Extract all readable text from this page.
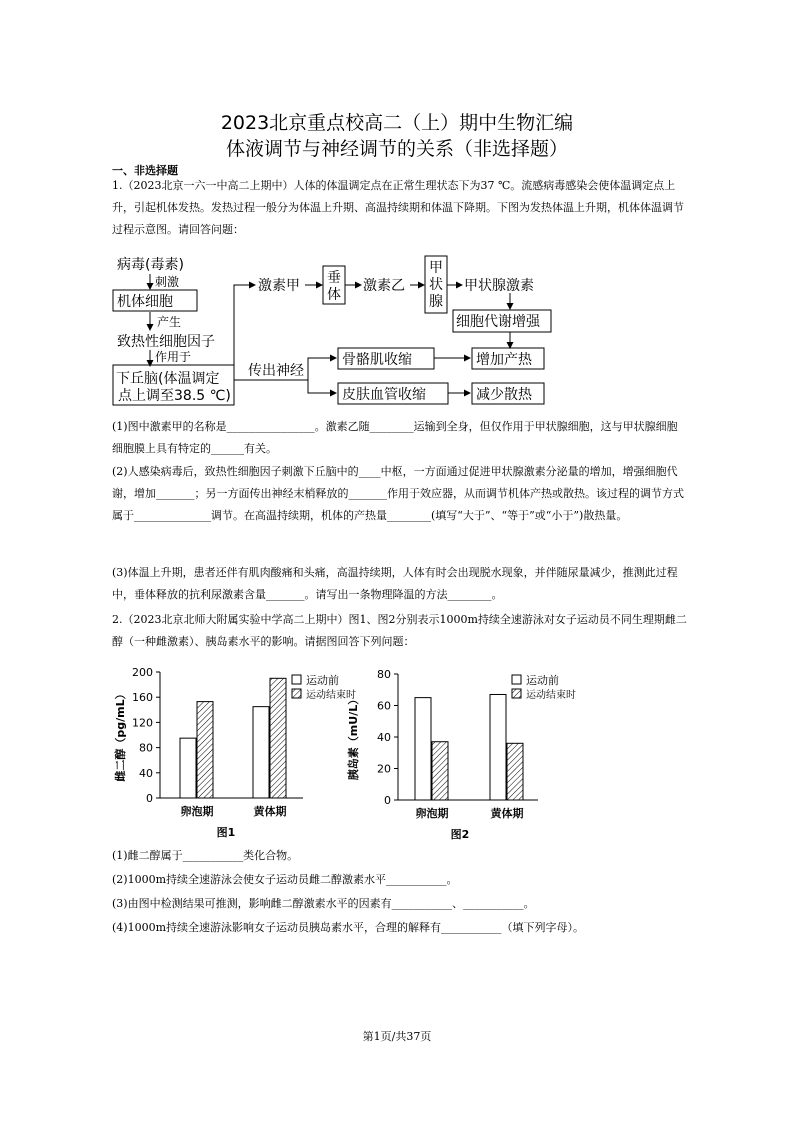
2023北京重点校高二（上）期中生物汇编
体液调节与神经调节的关系（非选择题）
一、非选择题

1.（2023北京一六一中高二上期中）人体的体温调定点在正常生理状态下为37 ℃。流感病毒感染会使体温调定点上升，引起机体发热。发热过程一般分为体温上升期、高温持续期和体温下降期。下图为发热体温上升期，机体体温调节过程示意图。请回答问题：

病毒(毒素)
刺激
机体细胞
产生
致热性细胞因子
作用于
下丘脑(体温调定
点上调至38.5 ℃)
激素甲 垂
体
激素乙
甲
状
腺
甲状腺激素
细胞代谢增强
传出神经
骨骼肌收缩
皮肤血管收缩
增加产热
减少散热

(1)图中激素甲的名称是________________。激素乙随________运输到全身，但仅作用于甲状腺细胞，这与甲状腺细胞细胞膜上具有特定的______有关。

(2)人感染病毒后，致热性细胞因子刺激下丘脑中的____中枢，一方面通过促进甲状腺激素分泌量的增加，增强细胞代谢，增加_______；另一方面传出神经末梢释放的_______作用于效应器，从而调节机体产热或散热。该过程的调节方式属于______________调节。在高温持续期，机体的产热量________(填写“大于”、“等于”或“小于”)散热量。

(3)体温上升期，患者还伴有肌肉酸痛和头痛，高温持续期，人体有时会出现脱水现象，并伴随尿量减少，推测此过程中，垂体释放的抗利尿激素含量_______。请写出一条物理降温的方法________。

2.（2023北京北师大附属实验中学高二上期中）图1、图2分别表示1000m持续全速游泳对女子运动员不同生理期雌二醇（一种雌激素）、胰岛素水平的影响。请据图回答下列问题：

0
40
80
120
160
200
卵泡期	黄体期
雌二醇（pg/mL）
图1
运动前
运动结束时
0
20
40
60
80
卵泡期	黄体期
胰岛素（mU/L）
图2
运动前
运动结束时

(1)雌二醇属于___________类化合物。

(2)1000m持续全速游泳会使女子运动员雌二醇激素水平___________。

(3)由图中检测结果可推测，影响雌二醇激素水平的因素有___________、___________。

(4)1000m持续全速游泳影响女子运动员胰岛素水平，合理的解释有___________（填下列字母）。

第1页/共37页
